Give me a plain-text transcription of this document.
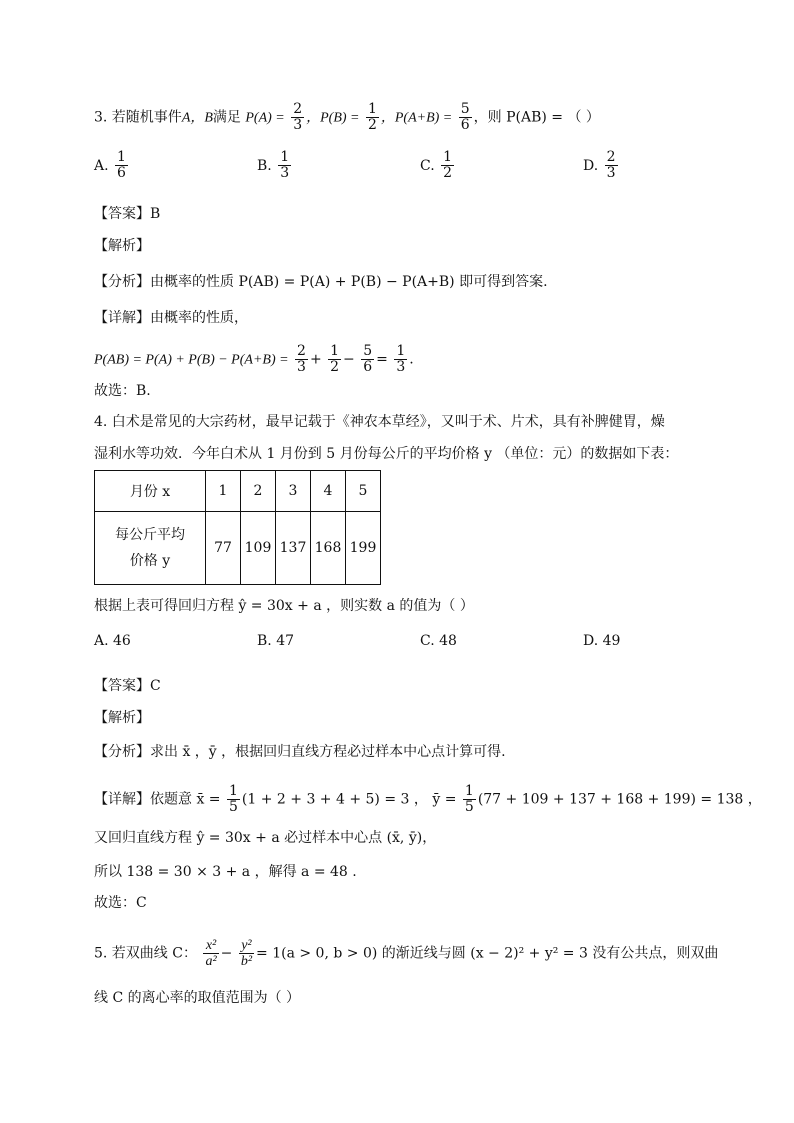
3. 若随机事件A，B满足 $P(A) = \frac{2}{3}$ ，$P(B) = \frac{1}{2}$ ，$P(A+B) = \frac{5}{6}$ ，则 P(AB) = （ ）
A. $\frac{1}{6}$	B. $\frac{1}{3}$	C. $\frac{1}{2}$	D. $\frac{2}{3}$
【答案】B
【解析】
【分析】由概率的性质 P(AB) = P(A) + P(B) − P(A+B) 即可得到答案.
【详解】由概率的性质，
$P(AB) = P(A) + P(B) - P(A+B) = \frac{2}{3} + \frac{1}{2} - \frac{5}{6} = \frac{1}{3}$ .
故选：B.
4. 白术是常见的大宗药材，最早记载于《神农本草经》，又叫于术、片术，具有补脾健胃，燥
湿利水等功效．今年白术从 1 月份到 5 月份每公斤的平均价格 y （单位：元）的数据如下表：
月份 x	1	2	3	4	5

每公斤平均
价格 y	77	109	137	168	199
根据上表可得回归方程 ŷ = 30x + a ，则实数 a 的值为（ ）
A. 46	B. 47	C. 48	D. 49
【答案】C
【解析】
【分析】求出 x̄ ，ȳ ，根据回归直线方程必过样本中心点计算可得.
【详解】依题意 x̄ = $\frac{1}{5} (1 + 2 + 3 + 4 + 5) = 3$ ， ȳ = $\frac{1}{5} (77 + 109 + 137 + 168 + 199) = 138$ ，
又回归直线方程 ŷ = 30x + a 必过样本中心点 (x̄, ȳ)，
所以 138 = 30 × 3 + a ，解得 a = 48 .
故选：C
5. 若双曲线 C： $\frac{\text{x²}}{\text{a²}} - \frac{\text{y²}}{\text{b²}} = 1(a > 0$, b > 0) 的渐近线与圆 (x − 2)² + y² = 3 没有公共点，则双曲
线 C 的离心率的取值范围为（ ）
